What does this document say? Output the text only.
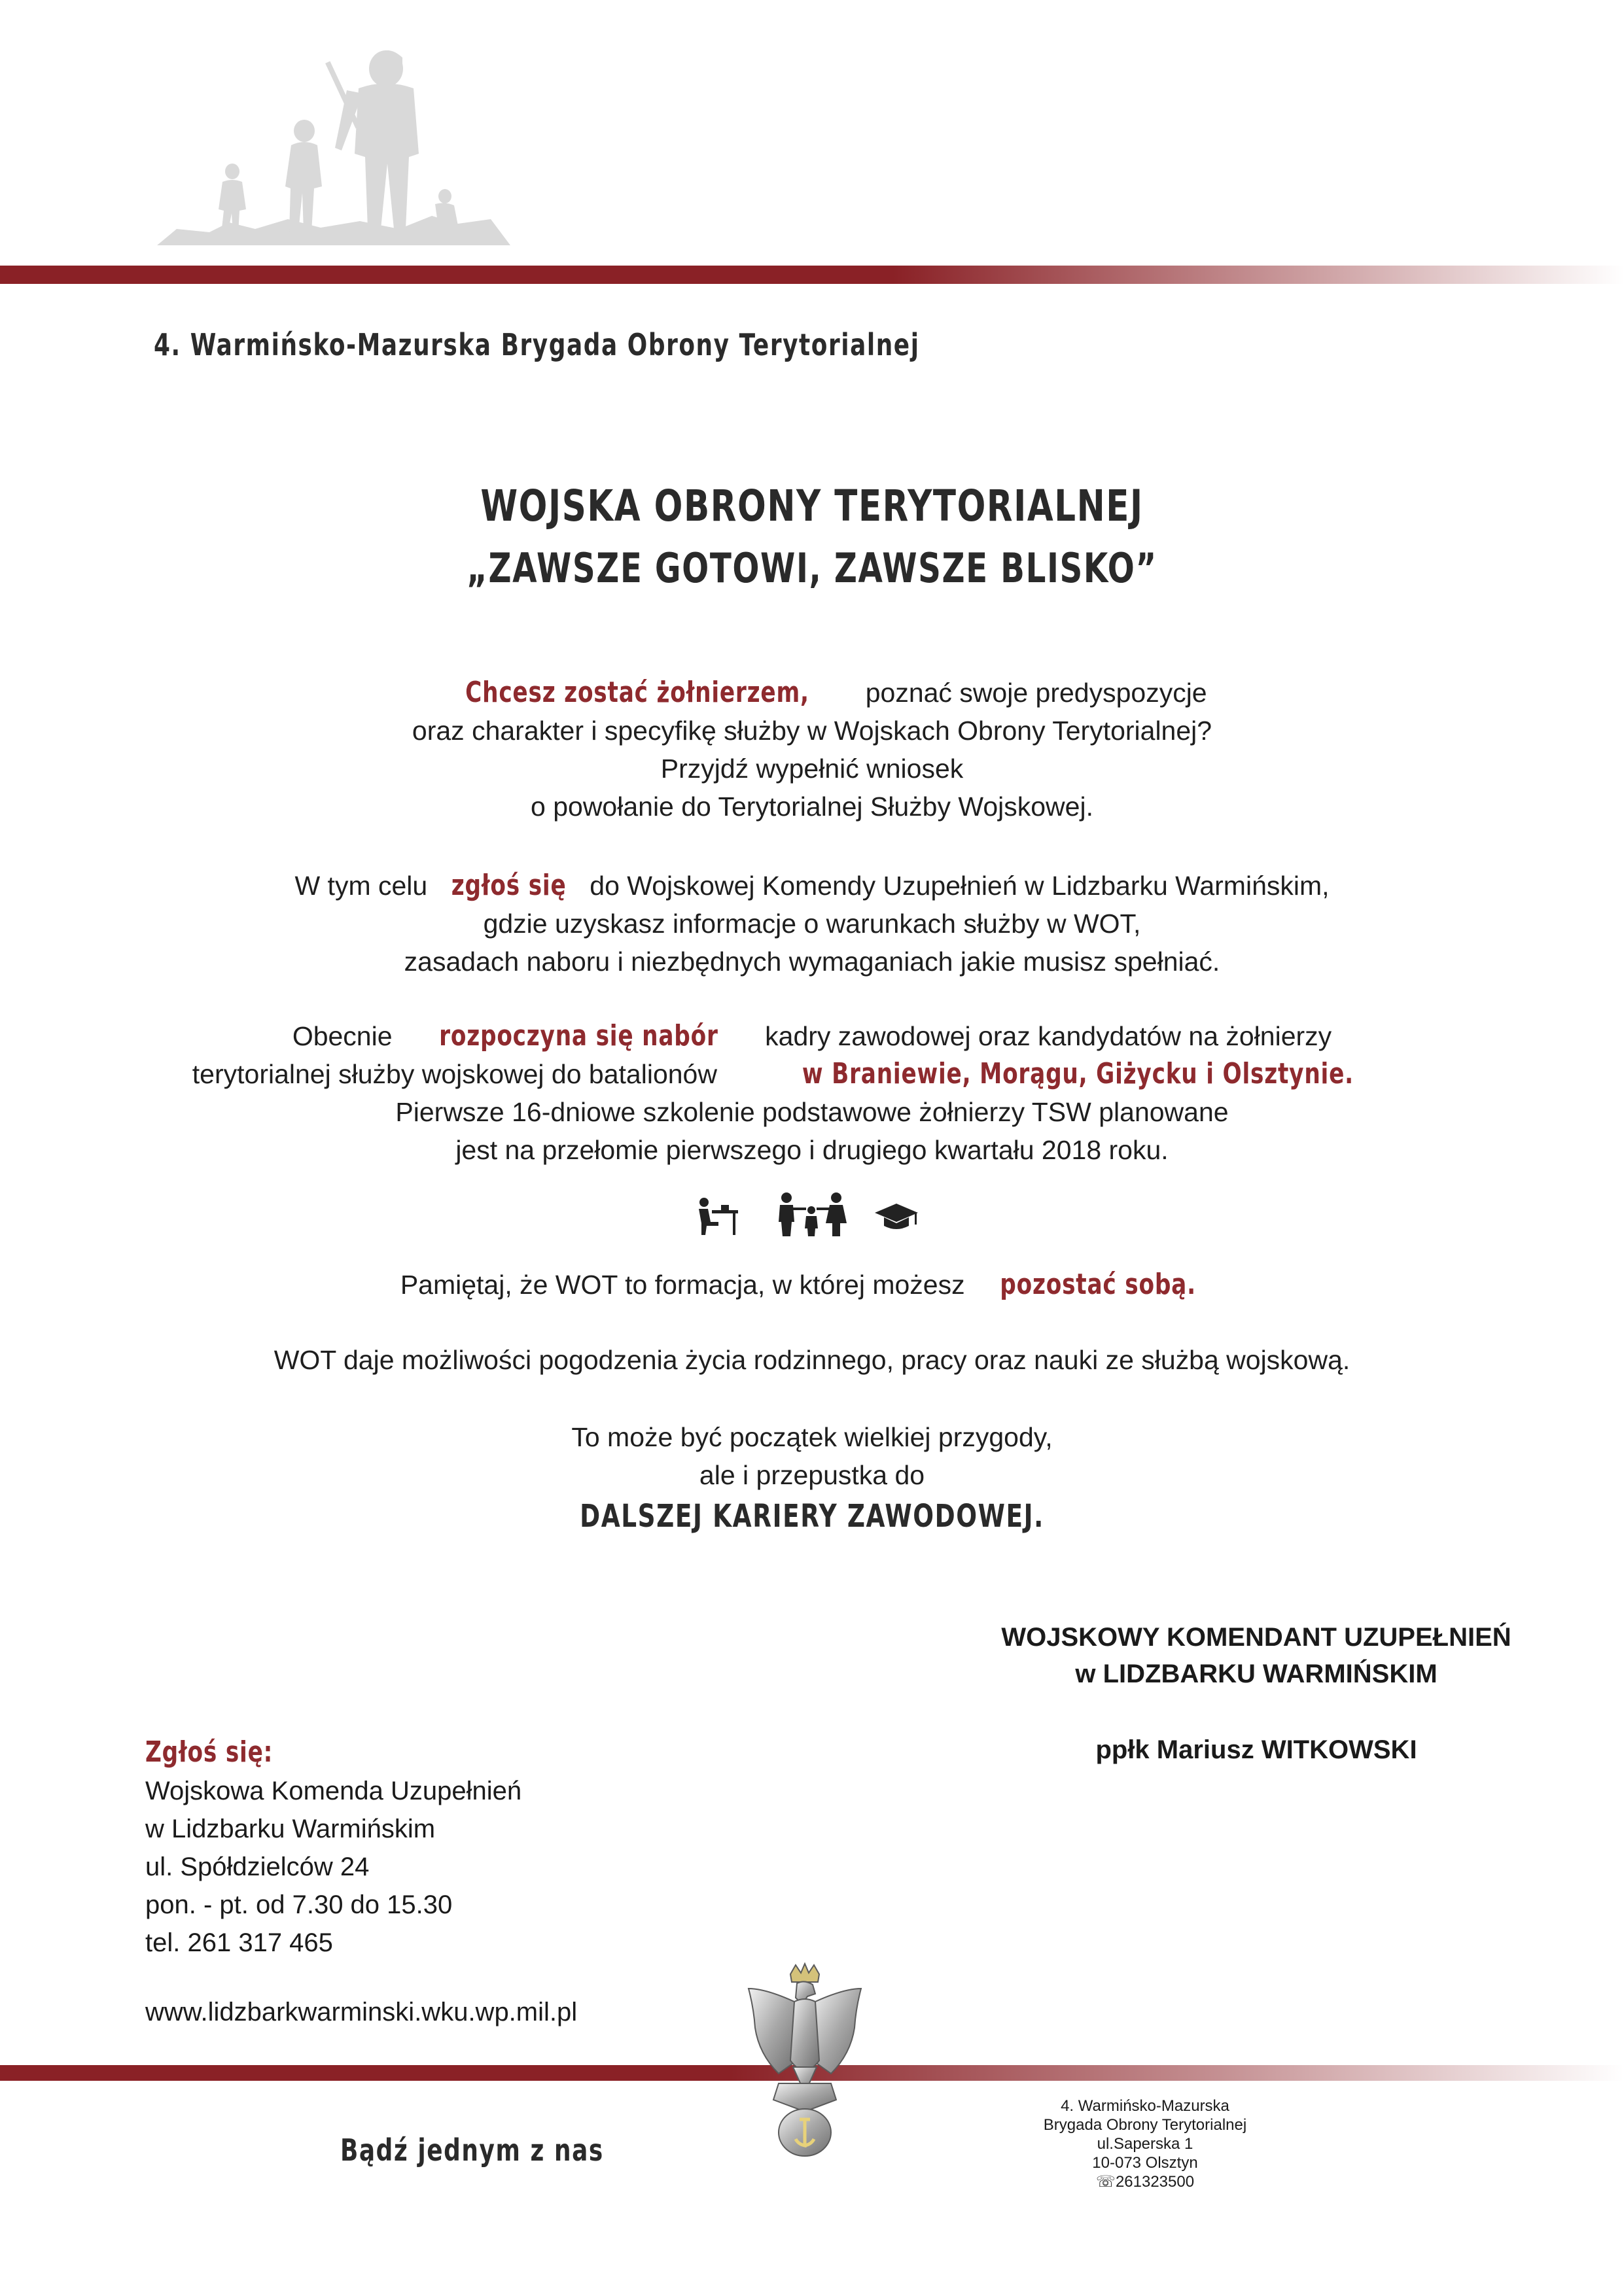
4. Warmińsko-Mazurska Brygada Obrony Terytorialnej
WOJSKA OBRONY TERYTORIALNEJ
„ZAWSZE GOTOWI, ZAWSZE BLISKO”
Chcesz zostać żołnierzem, poznać swoje predyspozycje
oraz charakter i specyfikę służby w Wojskach Obrony Terytorialnej?
Przyjdź wypełnić wniosek
o powołanie do Terytorialnej Służby Wojskowej.
W tym celu zgłoś się do Wojskowej Komendy Uzupełnień w Lidzbarku Warmińskim,
gdzie uzyskasz informacje o warunkach służby w WOT,
zasadach naboru i niezbędnych wymaganiach jakie musisz spełniać.
Obecnie rozpoczyna się nabór kadry zawodowej oraz kandydatów na żołnierzy
terytorialnej służby wojskowej do batalionów	w Braniewie, Morągu, Giżycku i Olsztynie.
Pierwsze 16-dniowe szkolenie podstawowe żołnierzy TSW planowane
jest na przełomie pierwszego i drugiego kwartału 2018 roku.
Pamiętaj, że WOT to formacja, w której możesz pozostać sobą.
WOT daje możliwości pogodzenia życia rodzinnego, pracy oraz nauki ze służbą wojskową.
To może być początek wielkiej przygody,
ale i przepustka do
DALSZEJ KARIERY ZAWODOWEJ.
WOJSKOWY KOMENDANT UZUPEŁNIEŃ
w LIDZBARKU WARMIŃSKIM
ppłk Mariusz WITKOWSKI
Zgłoś się:
Wojskowa Komenda Uzupełnień
w Lidzbarku Warmińskim
ul. Spółdzielców 24
pon. - pt. od 7.30 do 15.30
tel. 261 317 465
www.lidzbarkwarminski.wku.wp.mil.pl
Bądź jednym z nas
4. Warmińsko-Mazurska
Brygada Obrony Terytorialnej
ul.Saperska 1
10-073 Olsztyn
☏261323500
